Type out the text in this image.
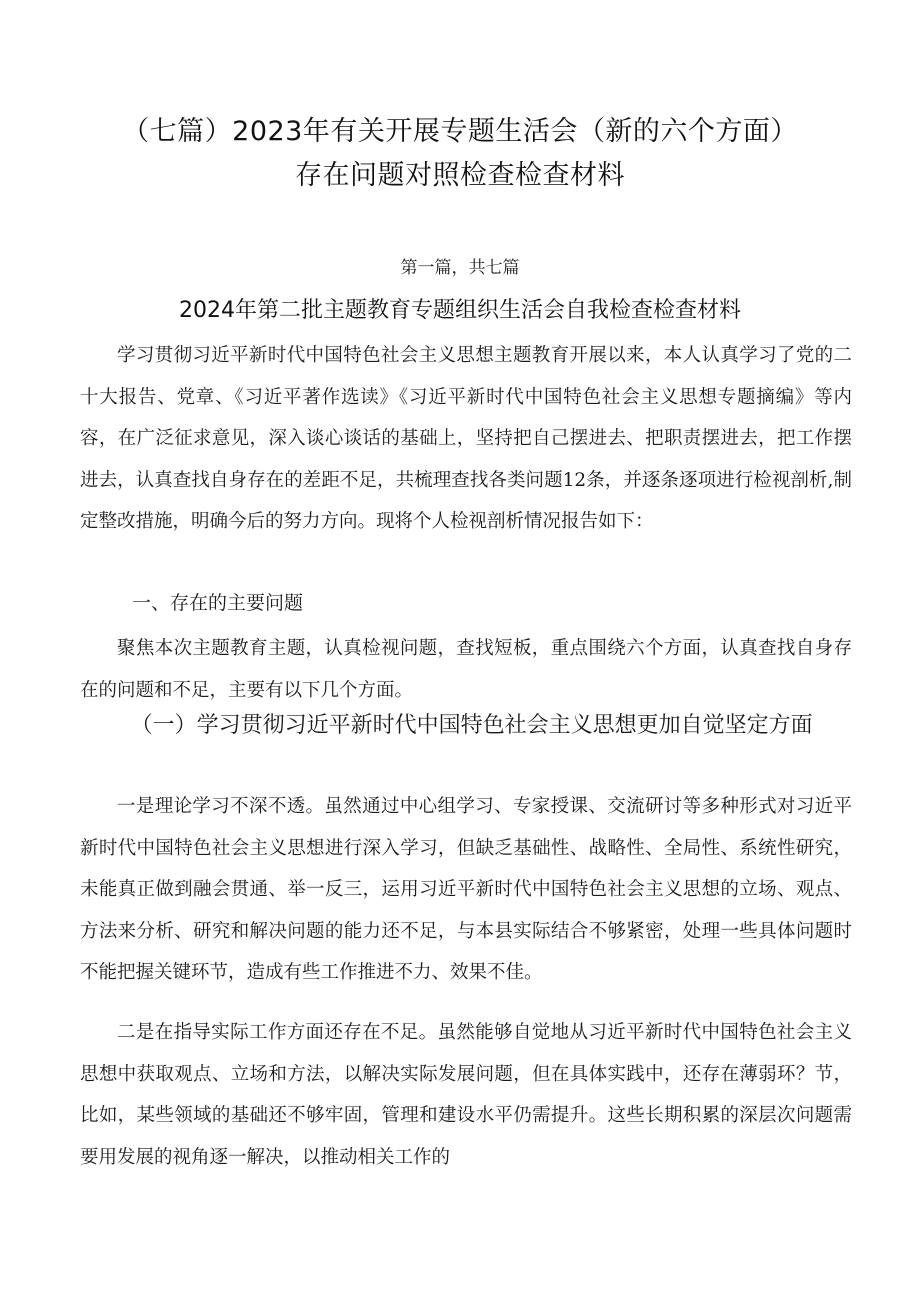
（七篇）2023年有关开展专题生活会（新的六个方面）
存在问题对照检查检查材料
第一篇，共七篇
2024年第二批主题教育专题组织生活会自我检查检查材料

学习贯彻习近平新时代中国特色社会主义思想主题教育开展以来，本人认真学习了党的二十大报告、党章、《习近平著作选读》《习近平新时代中国特色社会主义思想专题摘编》等内容，在广泛征求意见，深入谈心谈话的基础上，坚持把自己摆进去、把职责摆进去，把工作摆进去，认真查找自身存在的差距不足，共梳理查找各类问题12条，并逐条逐项进行检视剖析,制定整改措施，明确今后的努力方向。现将个人检视剖析情况报告如下：

一、存在的主要问题

聚焦本次主题教育主题，认真检视问题，查找短板，重点围绕六个方面，认真查找自身存在的问题和不足，主要有以下几个方面。

（一）学习贯彻习近平新时代中国特色社会主义思想更加自觉坚定方面

一是理论学习不深不透。虽然通过中心组学习、专家授课、交流研讨等多种形式对习近平新时代中国特色社会主义思想进行深入学习，但缺乏基础性、战略性、全局性、系统性研究，未能真正做到融会贯通、举一反三，运用习近平新时代中国特色社会主义思想的立场、观点、方法来分析、研究和解决问题的能力还不足，与本县实际结合不够紧密，处理一些具体问题时不能把握关键环节，造成有些工作推进不力、效果不佳。

二是在指导实际工作方面还存在不足。虽然能够自觉地从习近平新时代中国特色社会主义思想中获取观点、立场和方法，以解决实际发展问题，但在具体实践中，还存在薄弱环？节，比如，某些领域的基础还不够牢固，管理和建设水平仍需提升。这些长期积累的深层次问题需要用发展的视角逐一解决，以推动相关工作的
